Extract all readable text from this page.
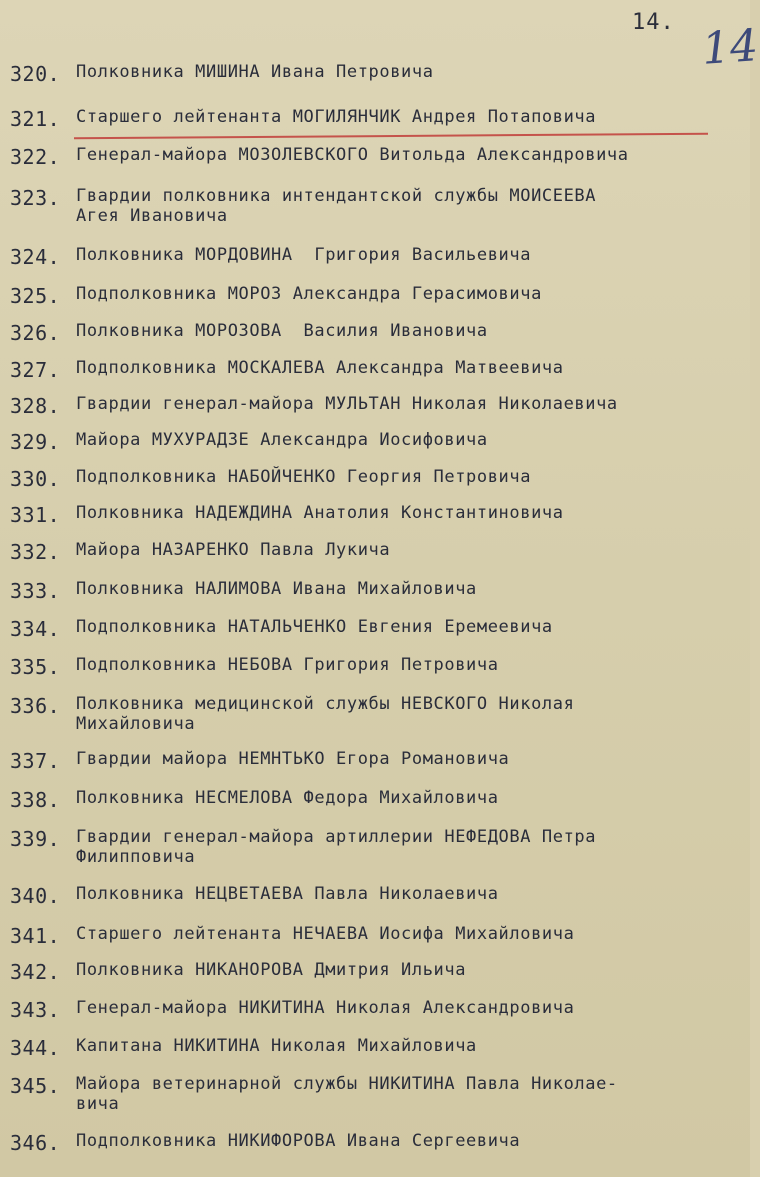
14. 14
320. Полковника МИШИНА Ивана Петровича
321. Старшего лейтенанта МОГИЛЯНЧИК Андрея Потаповича
322. Генерал-майора МОЗОЛЕВСКОГО Витольда Александровича
323. Гвардии полковника интендантской службы МОИСЕЕВА
Агея Ивановича
324. Полковника МОРДОВИНА  Григория Васильевича
325. Подполковника МОРОЗ Александра Герасимовича
326. Полковника МОРОЗОВА  Василия Ивановича
327. Подполковника МОСКАЛЕВА Александра Матвеевича
328. Гвардии генерал-майора МУЛЬТАН Николая Николаевича
329. Майора МУХУРАДЗЕ Александра Иосифовича
330. Подполковника НАБОЙЧЕНКО Георгия Петровича
331. Полковника НАДЕЖДИНА Анатолия Константиновича
332. Майора НАЗАРЕНКО Павла Лукича
333. Полковника НАЛИМОВА Ивана Михайловича
334. Подполковника НАТАЛЬЧЕНКО Евгения Еремеевича
335. Подполковника НЕБОВА Григория Петровича
336. Полковника медицинской службы НЕВСКОГО Николая
Михайловича
337. Гвардии майора НЕМНТЬКО Егора Романовича
338. Полковника НЕСМЕЛОВА Федора Михайловича
339. Гвардии генерал-майора артиллерии НЕФЕДОВА Петра
Филипповича
340. Полковника НЕЦВЕТАЕВА Павла Николаевича
341. Старшего лейтенанта НЕЧАЕВА Иосифа Михайловича
342. Полковника НИКАНОРОВА Дмитрия Ильича
343. Генерал-майора НИКИТИНА Николая Александровича
344. Капитана НИКИТИНА Николая Михайловича
345. Майора ветеринарной службы НИКИТИНА Павла Николае-
вича
346. Подполковника НИКИФОРОВА Ивана Сергеевича
